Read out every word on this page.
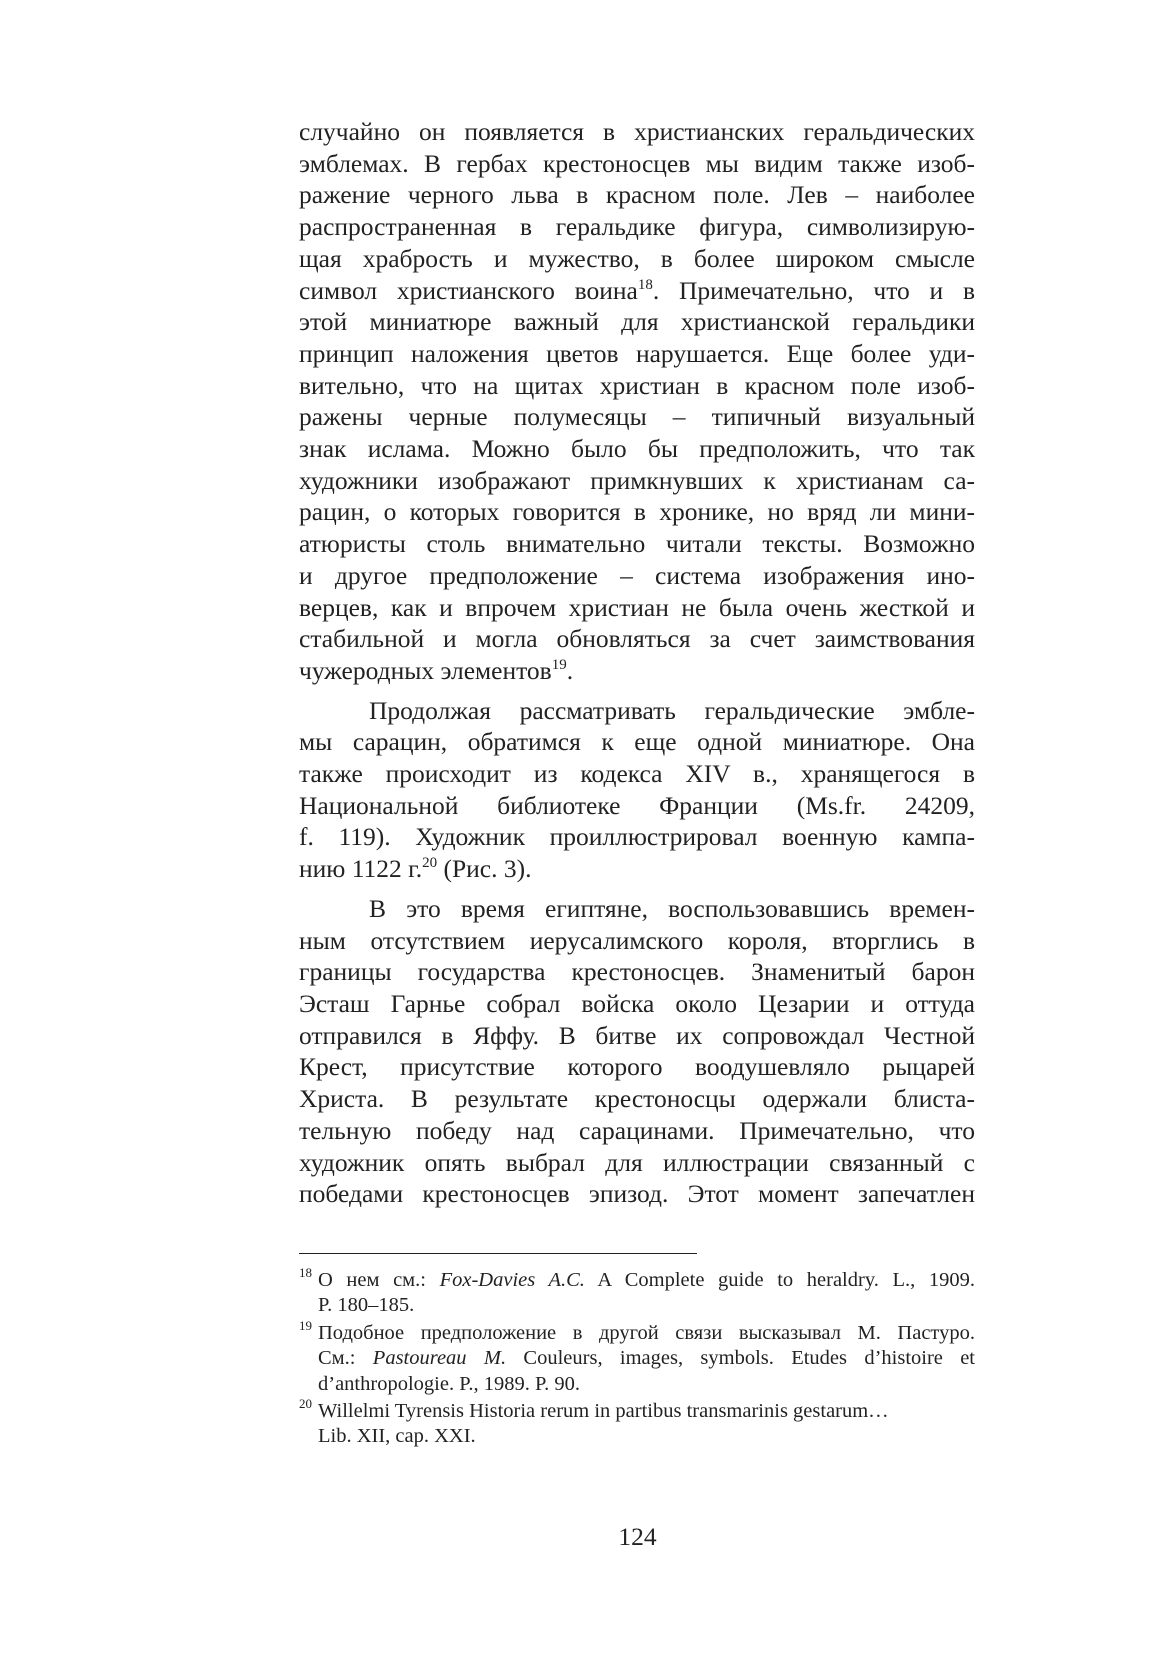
случайно он появляется в христианских геральдических
эмблемах. В гербах крестоносцев мы видим также изоб-
ражение черного льва в красном поле. Лев – наиболее
распространенная в геральдике фигура, символизирую-
щая храбрость и мужество, в более широком смысле
символ христианского воина$^{18}$. Примечательно, что и в
этой миниатюре важный для христианской геральдики
принцип наложения цветов нарушается. Еще более уди-
вительно, что на щитах христиан в красном поле изоб-
ражены черные полумесяцы – типичный визуальный
знак ислама. Можно было бы предположить, что так
художники изображают примкнувших к христианам са-
рацин, о которых говорится в хронике, но вряд ли мини-
атюристы столь внимательно читали тексты. Возможно
и другое предположение – система изображения ино-
верцев, как и впрочем христиан не была очень жесткой и
стабильной и могла обновляться за счет заимствования

чужеродных элементов$^{19}$.

Продолжая рассматривать геральдические эмбле-
мы сарацин, обратимся к еще одной миниатюре. Она
также происходит из кодекса XIV в., хранящегося в
Национальной библиотеке Франции (Ms.fr. 24209,
f. 119). Художник проиллюстрировал военную кампа-

нию 1122 г.$^{20}$ (Рис. 3).

В это время египтяне, воспользовавшись времен-
ным отсутствием иерусалимского короля, вторглись в
границы государства крестоносцев. Знаменитый барон
Эсташ Гарнье собрал войска около Цезарии и оттуда
отправился в Яффу. В битве их сопровождал Честной
Крест, присутствие которого воодушевляло рыцарей
Христа. В результате крестоносцы одержали блиста-
тельную победу над сарацинами. Примечательно, что
художник опять выбрал для иллюстрации связанный с
победами крестоносцев эпизод. Этот момент запечатлен

18 О нем см.: Fox-Davies A.C. A Complete guide to heraldry. L., 1909.
P. 180–185.
19 Подобное предположение в другой связи высказывал М. Пастуро.
См.: Pastoureau M. Couleurs, images, symbols. Etudes d’histoire et
d’anthropologie. P., 1989. P. 90.
20 Willelmi Tyrensis Historia rerum in partibus transmarinis gestarum…
Lib. XII, cap. XXI.
124
